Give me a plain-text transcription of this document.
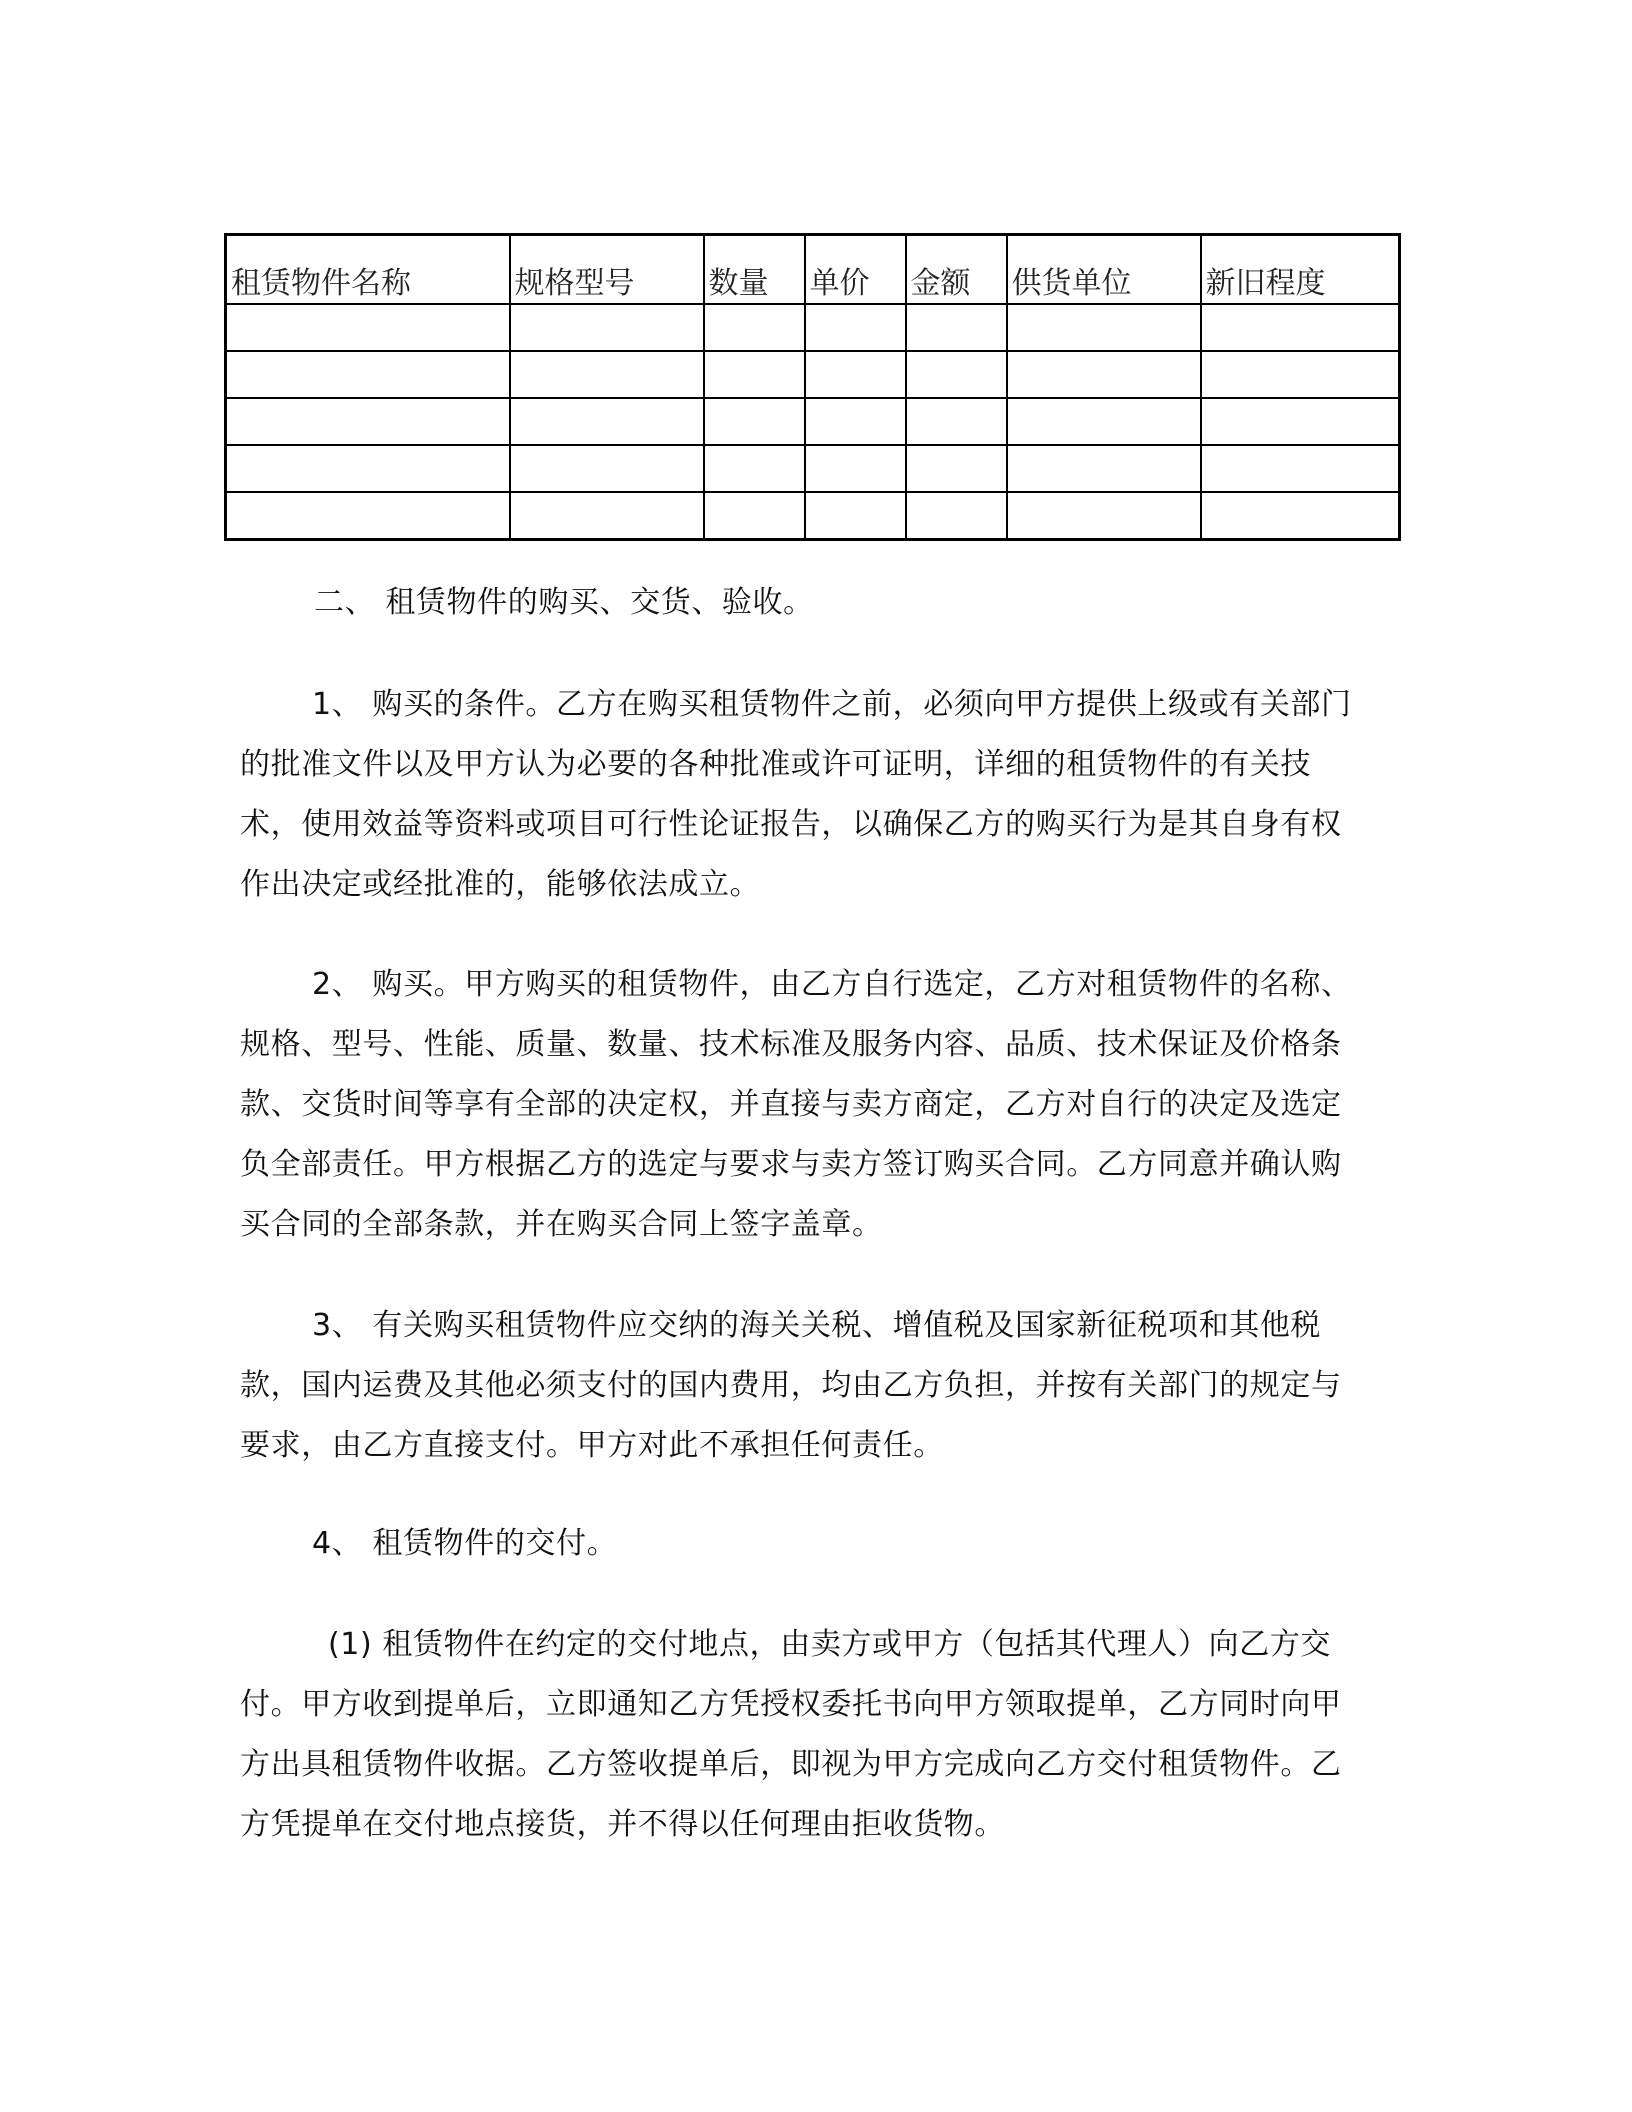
租赁物件名称	规格型号	数量	单价	金额	供货单位	新旧程度

二、 租赁物件的购买、交货、验收。

1、 购买的条件。乙方在购买租赁物件之前，必须向甲方提供上级或有关部门的批准文件以及甲方认为必要的各种批准或许可证明，详细的租赁物件的有关技术，使用效益等资料或项目可行性论证报告，以确保乙方的购买行为是其自身有权作出决定或经批准的，能够依法成立。

2、 购买。甲方购买的租赁物件，由乙方自行选定，乙方对租赁物件的名称、规格、型号、性能、质量、数量、技术标准及服务内容、品质、技术保证及价格条款、交货时间等享有全部的决定权，并直接与卖方商定，乙方对自行的决定及选定负全部责任。甲方根据乙方的选定与要求与卖方签订购买合同。乙方同意并确认购买合同的全部条款，并在购买合同上签字盖章。

3、 有关购买租赁物件应交纳的海关关税、增值税及国家新征税项和其他税款，国内运费及其他必须支付的国内费用，均由乙方负担，并按有关部门的规定与要求，由乙方直接支付。甲方对此不承担任何责任。

4、 租赁物件的交付。

(1) 租赁物件在约定的交付地点，由卖方或甲方（包括其代理人）向乙方交付。甲方收到提单后，立即通知乙方凭授权委托书向甲方领取提单，乙方同时向甲方出具租赁物件收据。乙方签收提单后，即视为甲方完成向乙方交付租赁物件。乙方凭提单在交付地点接货，并不得以任何理由拒收货物。
